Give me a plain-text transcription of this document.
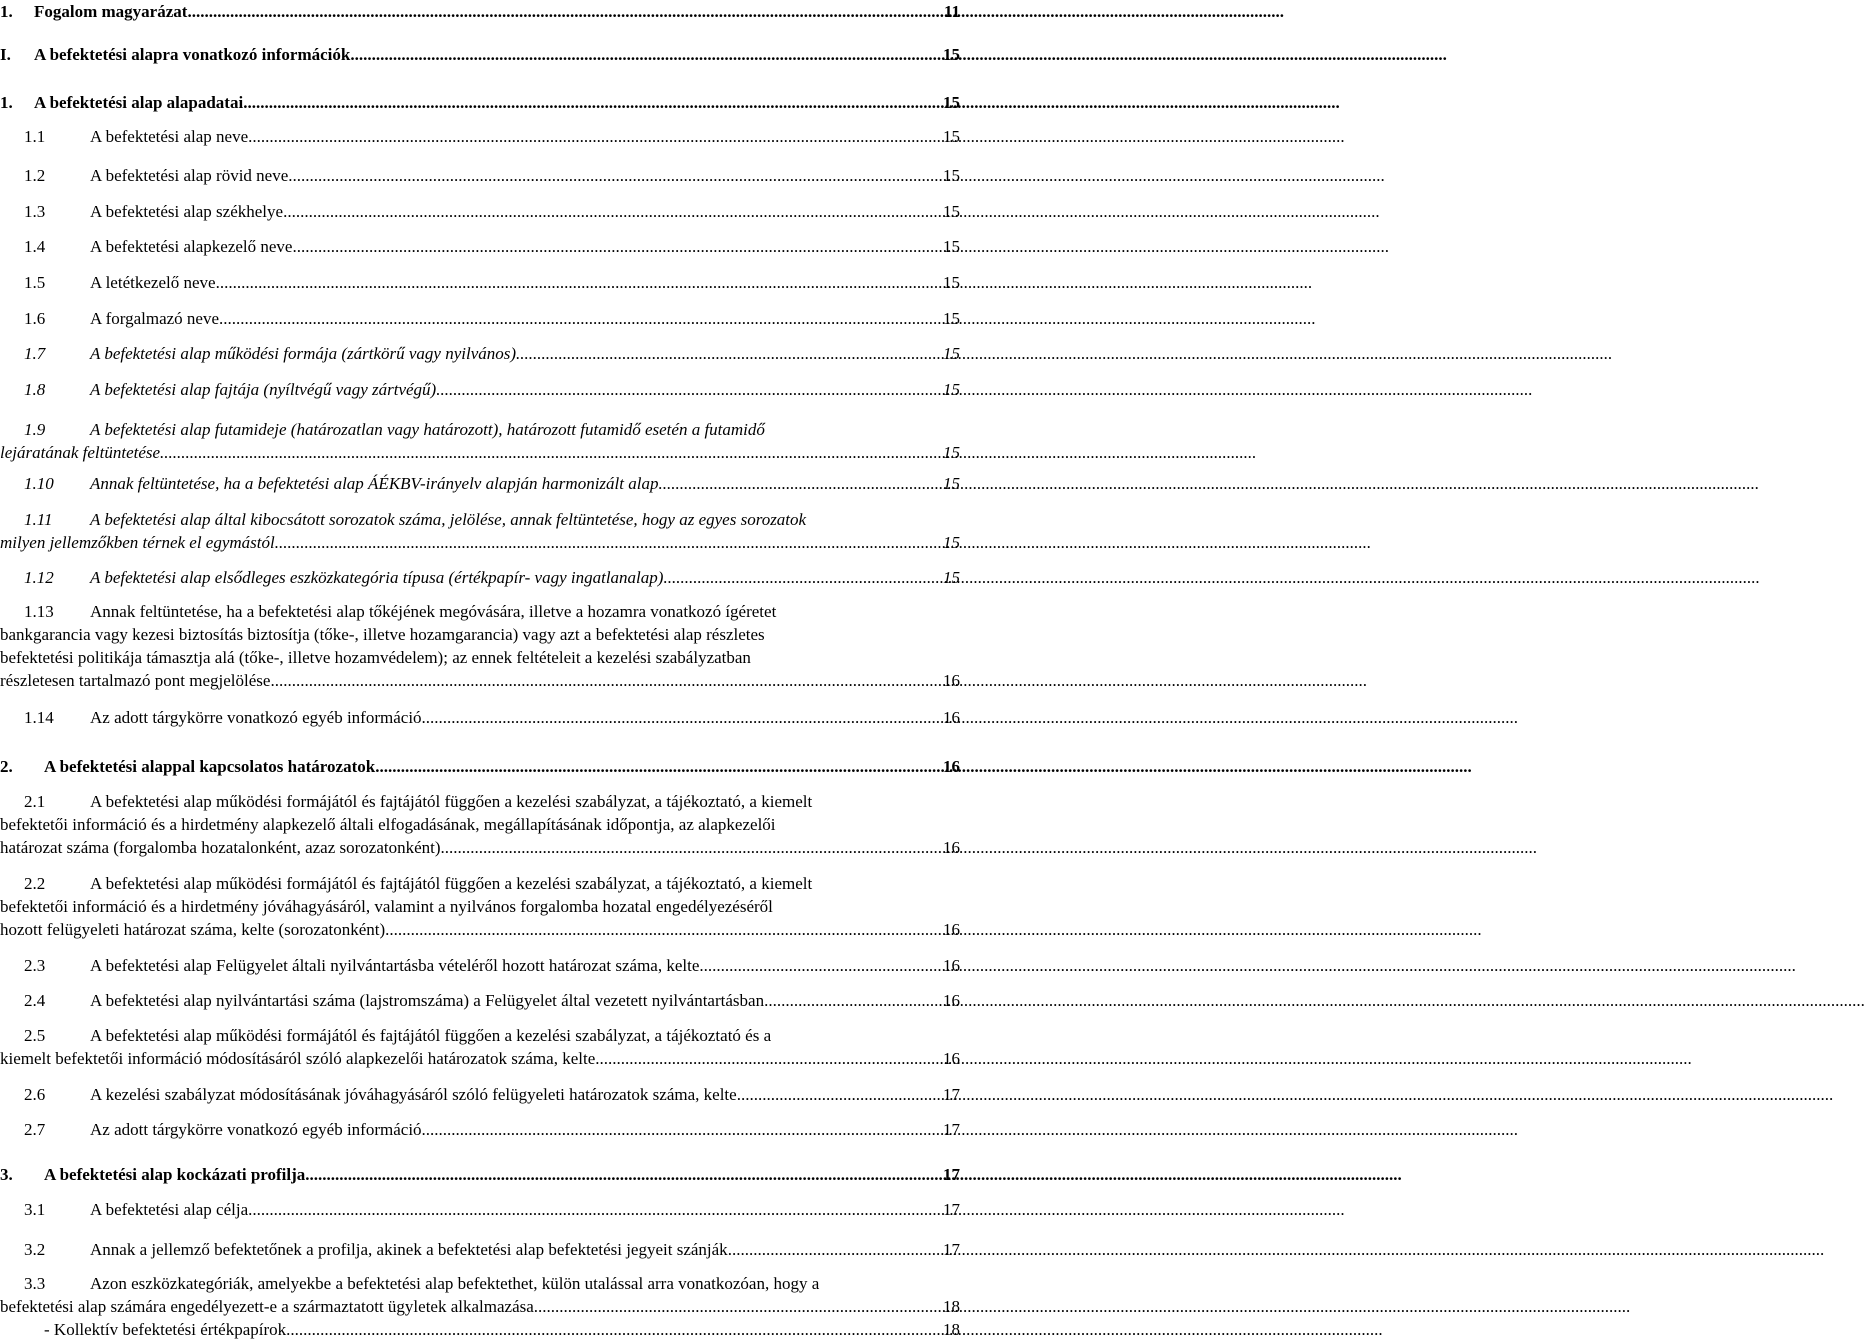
1.	Fogalom magyarázat .....	11
I.	A befektetési alapra vonatkozó információk .....	15
1.	A befektetési alap alapadatai .....	15
1.1	A befektetési alap neve .....	15
1.2	A befektetési alap rövid neve .....	15
1.3	A befektetési alap székhelye .....	15
1.4	A befektetési alapkezelő neve .....	15
1.5	A letétkezelő neve .....	15
1.6	A forgalmazó neve .....	15
1.7	A befektetési alap működési formája (zártkörű vagy nyilvános) .....	15
1.8	A befektetési alap fajtája (nyíltvégű vagy zártvégű) .....	15
1.9	A befektetési alap futamideje (határozatlan vagy határozott), határozott futamidő esetén a futamidő
lejáratának feltüntetése .....	15
1.10	Annak feltüntetése, ha a befektetési alap ÁÉKBV-irányelv alapján harmonizált alap. .....	15
1.11 A befektetési alap által kibocsátott sorozatok száma, jelölése, annak feltüntetése, hogy az egyes sorozatok
milyen jellemzőkben térnek el egymástól .....	15
1.12	A befektetési alap elsődleges eszközkategória típusa (értékpapír- vagy ingatlanalap) .....	15
1.13 Annak feltüntetése, ha a befektetési alap tőkéjének megóvására, illetve a hozamra vonatkozó ígéretet
bankgarancia vagy kezesi biztosítás biztosítja (tőke-, illetve hozamgarancia) vagy azt a befektetési alap részletes
befektetési politikája támasztja alá (tőke-, illetve hozamvédelem); az ennek feltételeit a kezelési szabályzatban
részletesen tartalmazó pont megjelölése .....	16
1.14	Az adott tárgykörre vonatkozó egyéb információ .....	16
2.	A befektetési alappal kapcsolatos határozatok .....	16
2.1	A befektetési alap működési formájától és fajtájától függően a kezelési szabályzat, a tájékoztató, a kiemelt
befektetői információ és a hirdetmény alapkezelő általi elfogadásának, megállapításának időpontja, az alapkezelői
határozat száma (forgalomba hozatalonként, azaz sorozatonként) .....	16
2.2	A befektetési alap működési formájától és fajtájától függően a kezelési szabályzat, a tájékoztató, a kiemelt
befektetői információ és a hirdetmény jóváhagyásáról, valamint a nyilvános forgalomba hozatal engedélyezéséről
hozott felügyeleti határozat száma, kelte (sorozatonként) .....	16
2.3	A befektetési alap Felügyelet általi nyilvántartásba vételéről hozott határozat száma, kelte .....	16
2.4	A befektetési alap nyilvántartási száma (lajstromszáma) a Felügyelet által vezetett nyilvántartásban. .....	16
2.5	A befektetési alap működési formájától és fajtájától függően a kezelési szabályzat, a tájékoztató és a
kiemelt befektetői információ módosításáról szóló alapkezelői határozatok száma, kelte .....	16
2.6	A kezelési szabályzat módosításának jóváhagyásáról szóló felügyeleti határozatok száma, kelte .....	17
2.7	Az adott tárgykörre vonatkozó egyéb információ .....	17
3.	A befektetési alap kockázati profilja .....	17
3.1	A befektetési alap célja .....	17
3.2	Annak a jellemző befektetőnek a profilja, akinek a befektetési alap befektetési jegyeit szánják .....	17
3.3	Azon eszközkategóriák, amelyekbe a befektetési alap befektethet, külön utalással arra vonatkozóan, hogy a
befektetési alap számára engedélyezett-e a származtatott ügyletek alkalmazása .....	18
- Kollektív befektetési értékpapírok .....	18
